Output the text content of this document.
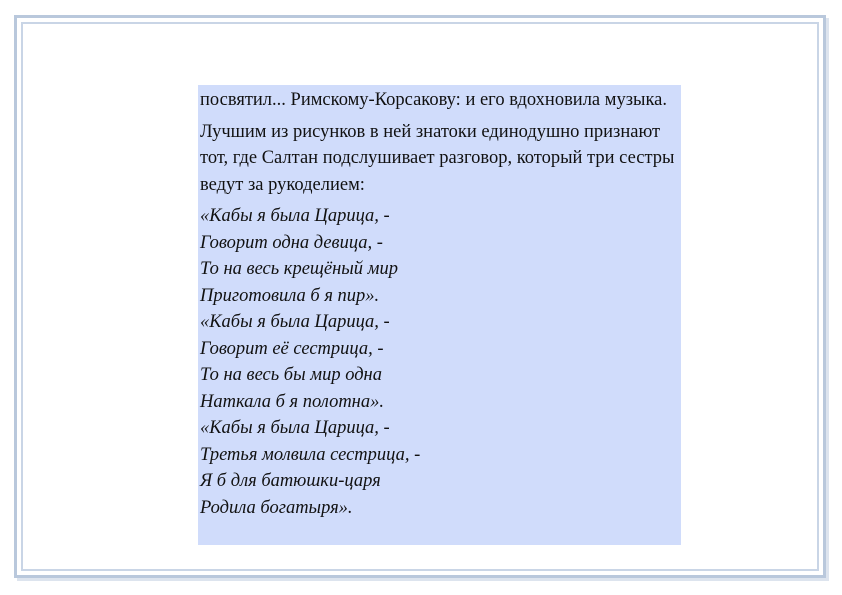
посвятил... Римскому-Корсакову: и его вдохновила музыка.

Лучшим из рисунков в ней знатоки единодушно признают тот, где Салтан подслушивает разговор, который три сестры ведут за рукоделием:

«Кабы я была Царица, -
Говорит одна девица, -
То на весь крещёный мир
Приготовила б я пир».
«Кабы я была Царица, -
Говорит её сестрица, -
То на весь бы мир одна
Наткала б я полотна».
«Кабы я была Царица, -
Третья молвила сестрица, -
Я б для батюшки-царя
Родила богатыря».
